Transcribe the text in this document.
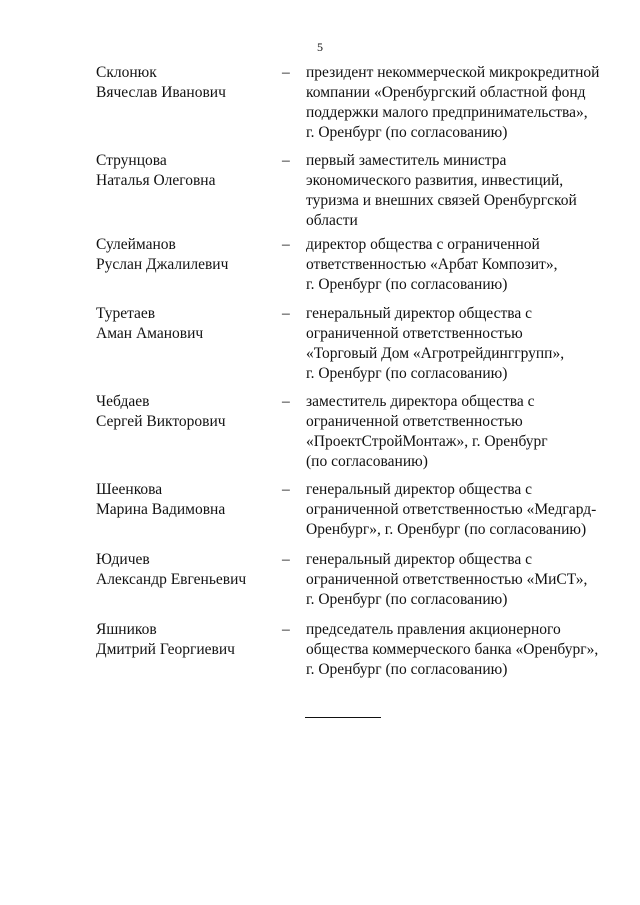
5
Склонюк
Вячеслав Иванович
– президент некоммерческой микрокредитной
компании «Оренбургский областной фонд
поддержки малого предпринимательства»,
г. Оренбург (по согласованию)
Струнцова
Наталья Олеговна
– первый заместитель министра
экономического развития, инвестиций,
туризма и внешних связей Оренбургской
области
Сулейманов
Руслан Джалилевич
– директор общества с ограниченной
ответственностью «Арбат Композит»,
г. Оренбург (по согласованию)
Туретаев
Аман Аманович
– генеральный директор общества с
ограниченной ответственностью
«Торговый Дом «Агротрейдинггрупп»,
г. Оренбург (по согласованию)
Чебдаев
Сергей Викторович
– заместитель директора общества с
ограниченной ответственностью
«ПроектСтройМонтаж», г. Оренбург
(по согласованию)
Шеенкова
Марина Вадимовна
– генеральный директор общества с
ограниченной ответственностью «Медгард-
Оренбург», г. Оренбург (по согласованию)
Юдичев
Александр Евгеньевич
– генеральный директор общества с
ограниченной ответственностью «МиСТ»,
г. Оренбург (по согласованию)
Яшников
Дмитрий Георгиевич
– председатель правления акционерного
общества коммерческого банка «Оренбург»,
г. Оренбург (по согласованию)
